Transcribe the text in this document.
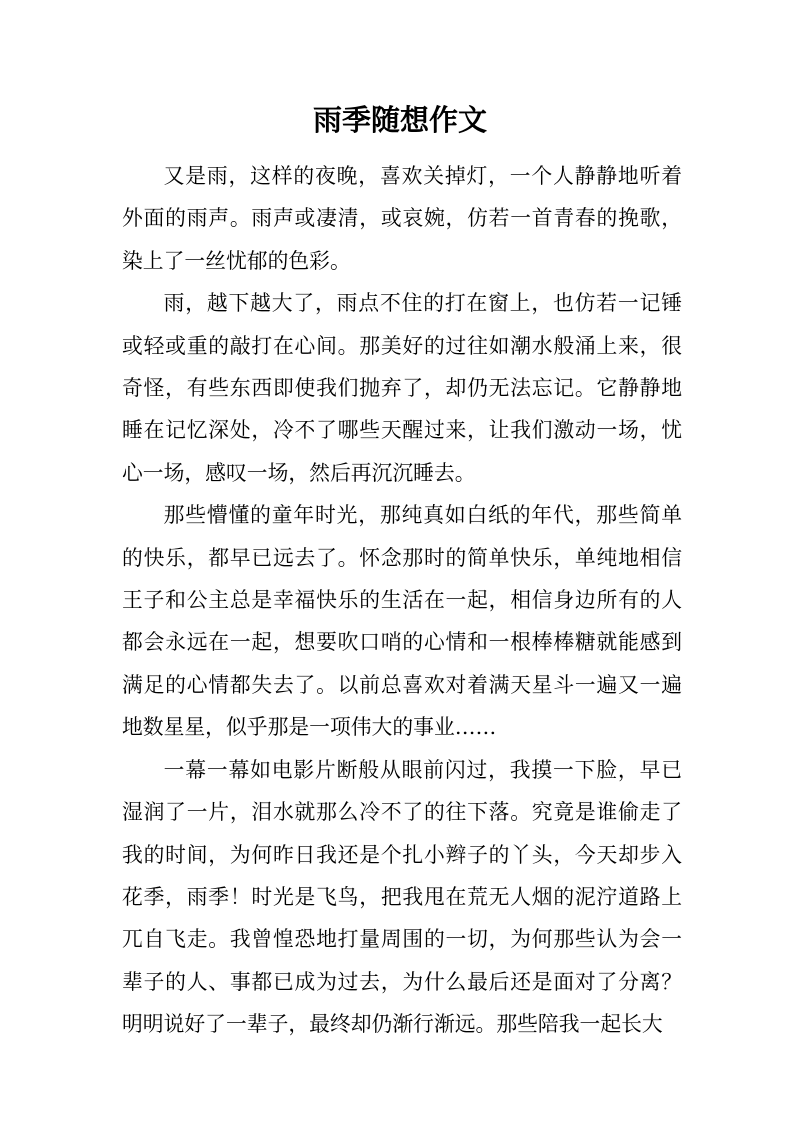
雨季随想作文

又是雨，这样的夜晚，喜欢关掉灯，一个人静静地听着外面的雨声。雨声或凄清，或哀婉，仿若一首青春的挽歌，染上了一丝忧郁的色彩。

雨，越下越大了，雨点不住的打在窗上，也仿若一记锤或轻或重的敲打在心间。那美好的过往如潮水般涌上来，很奇怪，有些东西即使我们抛弃了，却仍无法忘记。它静静地睡在记忆深处，冷不了哪些天醒过来，让我们激动一场，忧心一场，感叹一场，然后再沉沉睡去。

那些懵懂的童年时光，那纯真如白纸的年代，那些简单的快乐，都早已远去了。怀念那时的简单快乐，单纯地相信王子和公主总是幸福快乐的生活在一起，相信身边所有的人都会永远在一起，想要吹口哨的心情和一根棒棒糖就能感到满足的心情都失去了。以前总喜欢对着满天星斗一遍又一遍地数星星，似乎那是一项伟大的事业……

一幕一幕如电影片断般从眼前闪过，我摸一下脸，早已湿润了一片，泪水就那么冷不了的往下落。究竟是谁偷走了我的时间，为何昨日我还是个扎小辫子的丫头，今天却步入花季，雨季！时光是飞鸟，把我甩在荒无人烟的泥泞道路上兀自飞走。我曾惶恐地打量周围的一切，为何那些认为会一辈子的人、事都已成为过去，为什么最后还是面对了分离？明明说好了一辈子，最终却仍渐行渐远。那些陪我一起长大
